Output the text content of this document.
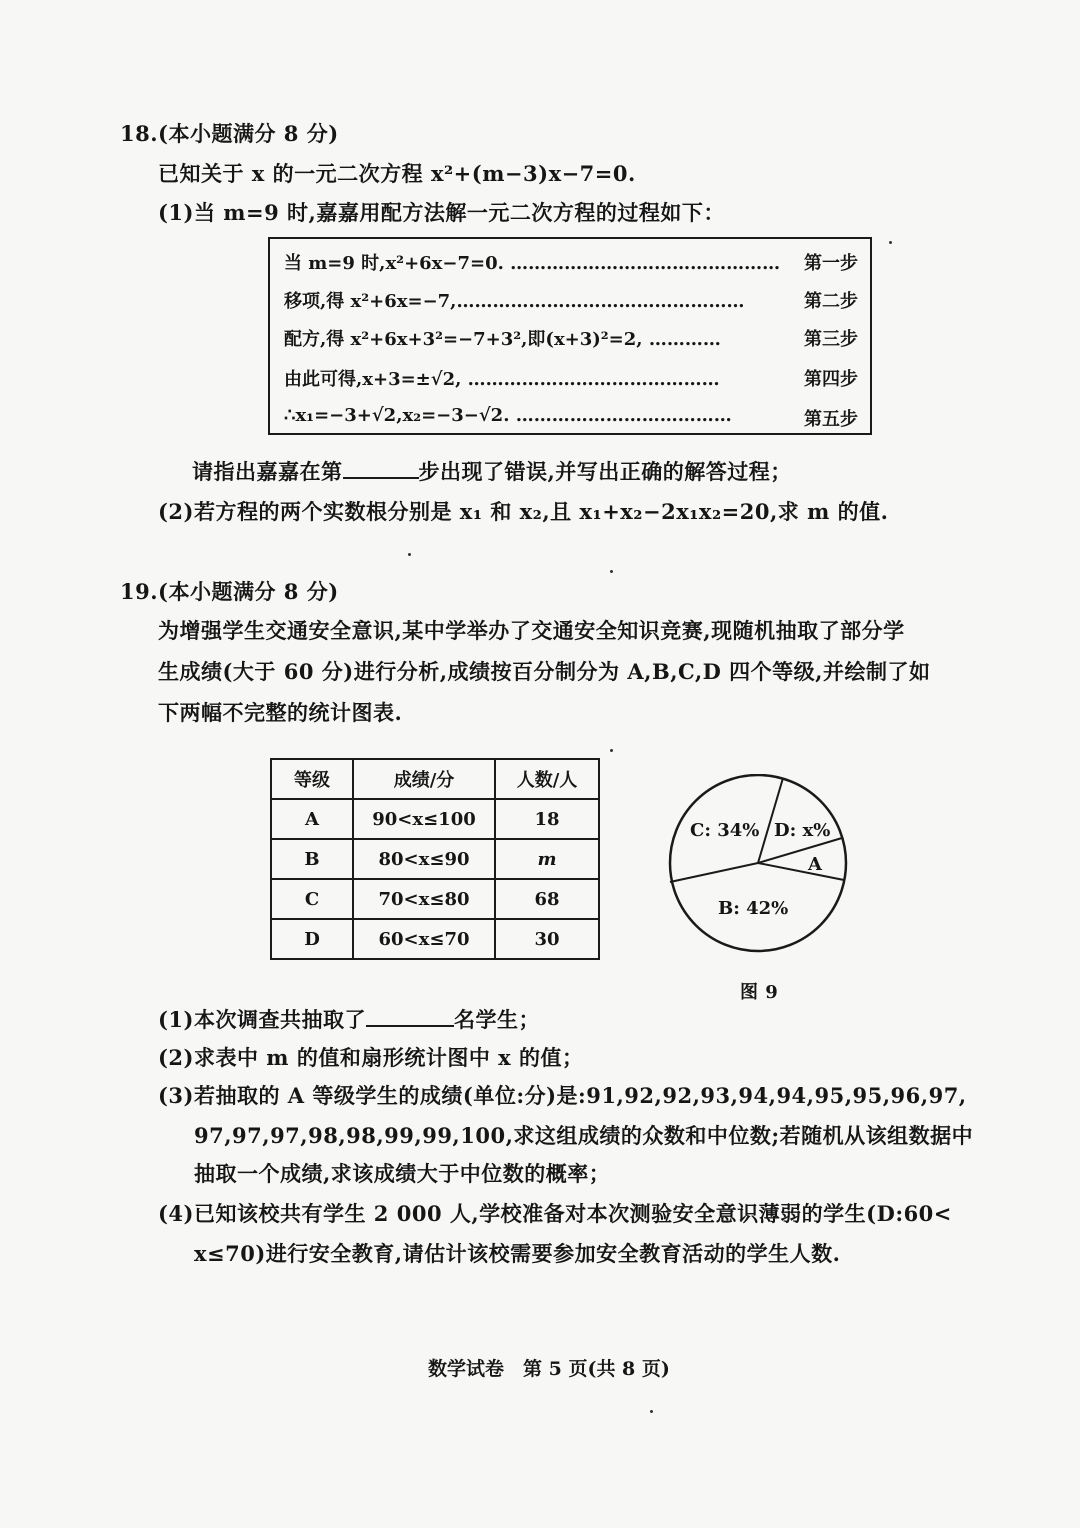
18.(本小题满分 8 分)
已知关于 x 的一元二次方程 x²+(m−3)x−7=0.
(1)当 m=9 时,嘉嘉用配方法解一元二次方程的过程如下：
当 m=9 时,x²+6x−7=0. ……………………………………… 第一步
移项,得 x²+6x=−7,…………………………………………	第二步
配方,得 x²+6x+3²=−7+3²,即(x+3)²=2, …………	第三步
由此可得,x+3=±√2, ……………………………………	第四步
∴x₁=−3+√2,x₂=−3−√2. ………………………………	第五步
请指出嘉嘉在第	步出现了错误,并写出正确的解答过程；
(2)若方程的两个实数根分别是 x₁ 和 x₂,且 x₁+x₂−2x₁x₂=20,求 m 的值.
19.(本小题满分 8 分)
为增强学生交通安全意识,某中学举办了交通安全知识竞赛,现随机抽取了部分学
生成绩(大于 60 分)进行分析,成绩按百分制分为 A,B,C,D 四个等级,并绘制了如
下两幅不完整的统计图表.
等级	成绩/分	人数/人
A	90<x≤100	18
B	80<x≤90	m
C	70<x≤80	68
D	60<x≤70	30
C: 34% D: x%
A
B: 42%
图 9
(1)本次调查共抽取了	名学生；
(2)求表中 m 的值和扇形统计图中 x 的值；
(3)若抽取的 A 等级学生的成绩(单位:分)是:91,92,92,93,94,94,95,95,96,97,
97,97,97,98,98,99,99,100,求这组成绩的众数和中位数;若随机从该组数据中
抽取一个成绩,求该成绩大于中位数的概率；
(4)已知该校共有学生 2 000 人,学校准备对本次测验安全意识薄弱的学生(D:60<
x≤70)进行安全教育,请估计该校需要参加安全教育活动的学生人数.
数学试卷　第 5 页(共 8 页)
